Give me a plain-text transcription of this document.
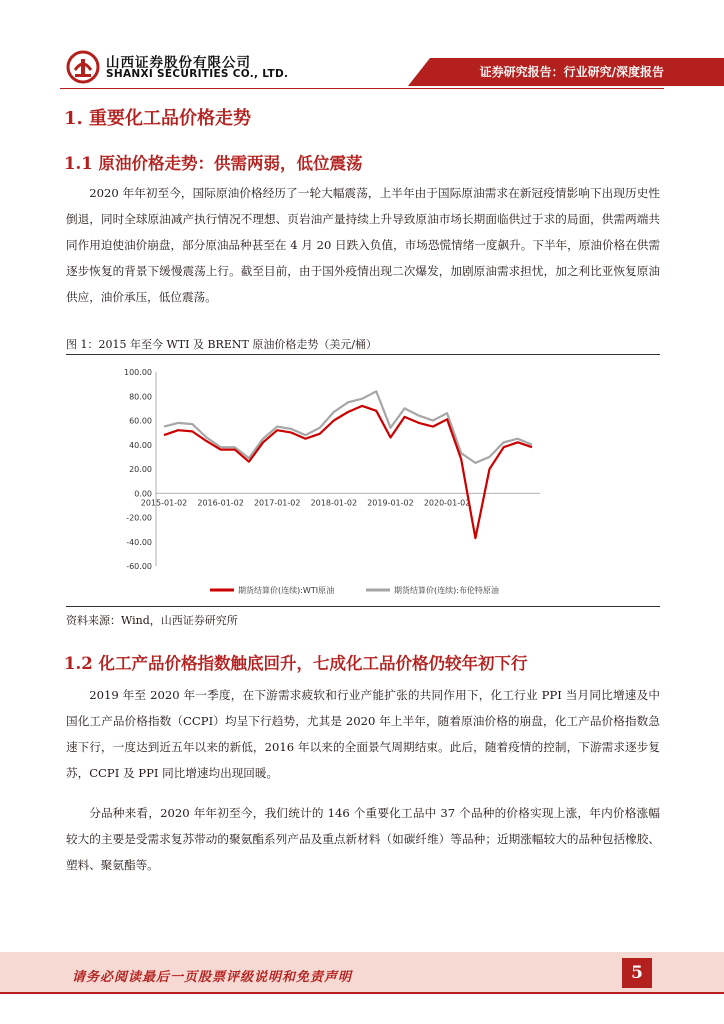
山西证券股份有限公司
SHANXI SECURITIES CO., LTD.	证券研究报告：行业研究/深度报告
1. 重要化工品价格走势
1.1 原油价格走势：供需两弱，低位震荡

2020 年年初至今，国际原油价格经历了一轮大幅震荡，上半年由于国际原油需求在新冠疫情影响下出现历史性倒退，同时全球原油减产执行情况不理想、页岩油产量持续上升导致原油市场长期面临供过于求的局面，供需两端共同作用迫使油价崩盘，部分原油品种甚至在 4 月 20 日跌入负值，市场恐慌情绪一度飙升。下半年，原油价格在供需逐步恢复的背景下缓慢震荡上行。截至目前，由于国外疫情出现二次爆发，加剧原油需求担忧，加之利比亚恢复原油供应，油价承压，低位震荡。

图 1：2015 年至今 WTI 及 BRENT 原油价格走势（美元/桶）
100.00
80.00
60.00
40.00
20.00
0.00
-20.00
-40.00
-60.00
2015-01-02 2016-01-02 2017-01-02 2018-01-02 2019-01-02 2020-01-02
期货结算价(连续):WTI原油	期货结算价(连续):布伦特原油
资料来源：Wind，山西证券研究所
1.2 化工产品价格指数触底回升，七成化工品价格仍较年初下行

2019 年至 2020 年一季度，在下游需求疲软和行业产能扩张的共同作用下，化工行业 PPI 当月同比增速及中国化工产品价格指数（CCPI）均呈下行趋势，尤其是 2020 年上半年，随着原油价格的崩盘，化工产品价格指数急速下行，一度达到近五年以来的新低，2016 年以来的全面景气周期结束。此后，随着疫情的控制，下游需求逐步复苏，CCPI 及 PPI 同比增速均出现回暖。

分品种来看，2020 年年初至今，我们统计的 146 个重要化工品中 37 个品种的价格实现上涨，年内价格涨幅较大的主要是受需求复苏带动的聚氨酯系列产品及重点新材料（如碳纤维）等品种；近期涨幅较大的品种包括橡胶、塑料、聚氨酯等。

请务必阅读最后一页股票评级说明和免责声明	5
